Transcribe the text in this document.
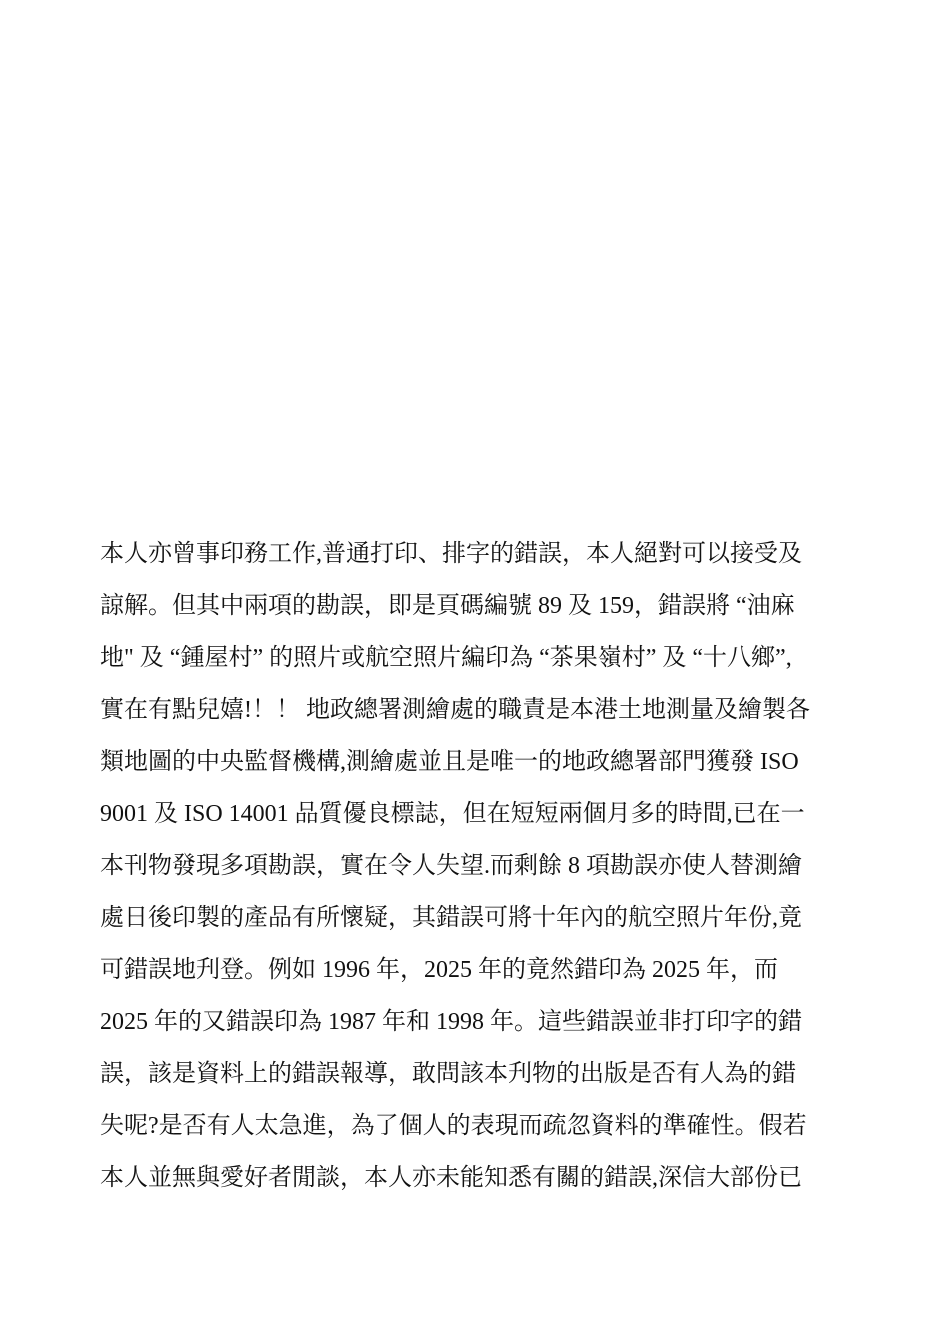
本人亦曾事印務工作,普通打印、排字的錯誤，本人絕對可以接受及
諒解。但其中兩項的勘誤，即是頁碼編號 89 及 159，錯誤將 “油麻
地" 及 “鍾屋村” 的照片或航空照片編印為 “茶果嶺村” 及 “十八鄉”,
實在有點兒嬉!！！ 地政總署測繪處的職責是本港土地測量及繪製各
類地圖的中央監督機構,測繪處並且是唯一的地政總署部門獲發 ISO
9001 及 ISO 14001 品質優良標誌，但在短短兩個月多的時間,已在一
本刊物發現多項勘誤，實在令人失望.而剩餘 8 項勘誤亦使人替測繪
處日後印製的產品有所懷疑，其錯誤可將十年內的航空照片年份,竟
可錯誤地刋登。例如 1996 年，2025 年的竟然錯印為 2025 年，而
2025 年的又錯誤印為 1987 年和 1998 年。這些錯誤並非打印字的錯
誤，該是資料上的錯誤報導，敢問該本刋物的出版是否有人為的錯
失呢?是否有人太急進，為了個人的表現而疏忽資料的準確性。假若
本人並無與愛好者閒談，本人亦未能知悉有關的錯誤,深信大部份已
